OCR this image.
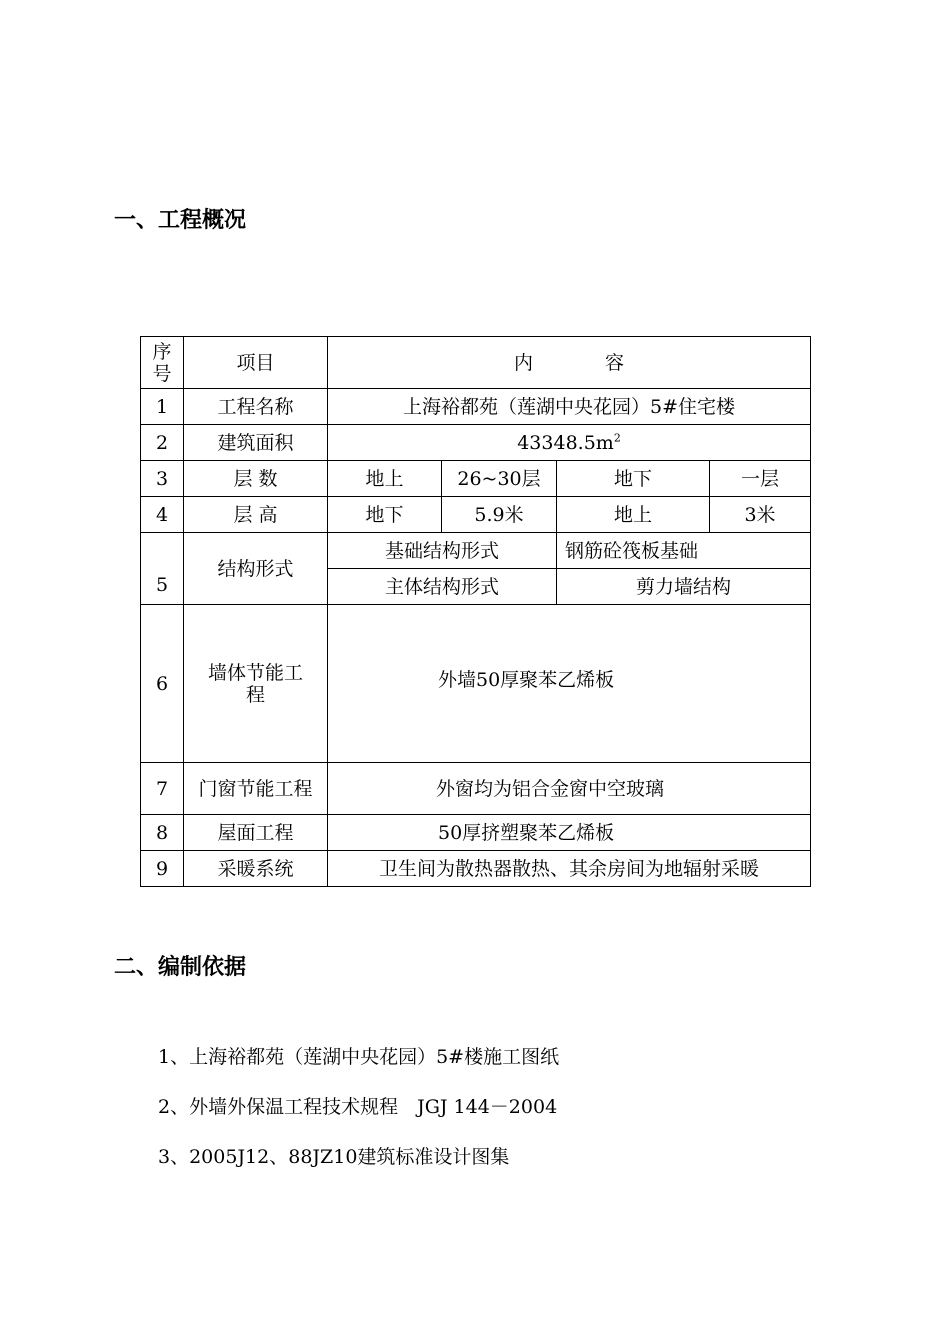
一、工程概况
序号	项目	内 容			
1	工程名称	上海裕都苑（莲湖中央花园）5#住宅楼			
2	建筑面积	$43348.5m^2$
3	层 数	地上	26~30层	地下	一层
4	层 高	地下	5.9米	地上	3米
5	结构形式	基础结构形式		钢筋砼筏板基础	
		主体结构形式		剪力墙结构	
6	墙体节能工程	外墙50厚聚苯乙烯板			
7	门窗节能工程	外窗均为铝合金窗中空玻璃			
8	屋面工程	50厚挤塑聚苯乙烯板			
9	采暖系统	卫生间为散热器散热、其余房间为地辐射采暖			
二、编制依据
1、上海裕都苑（莲湖中央花园）5#楼施工图纸
2、外墙外保温工程技术规程　JGJ 144－2004
3、2005J12、88JZ10建筑标准设计图集
